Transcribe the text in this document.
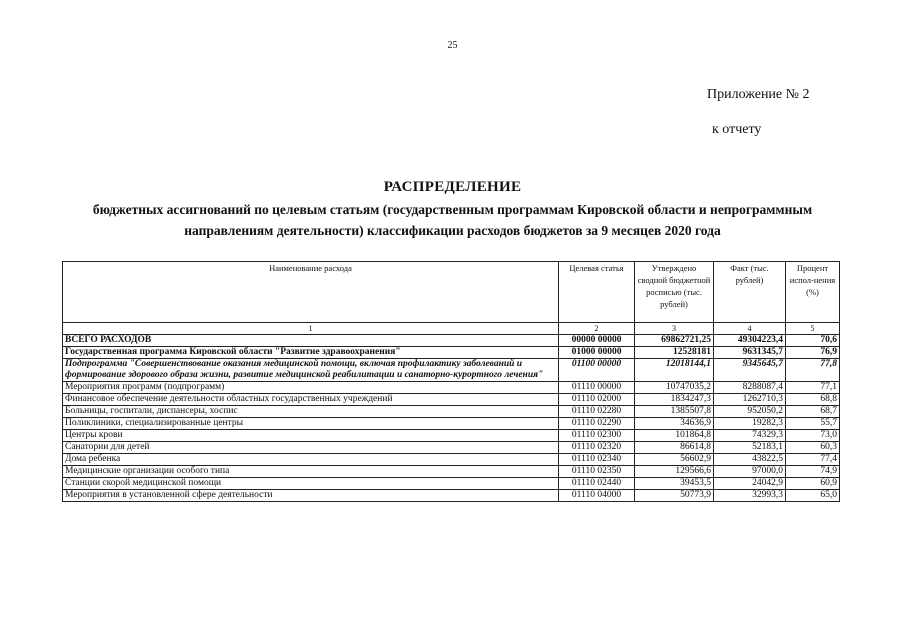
25
Приложение № 2
к отчету
РАСПРЕДЕЛЕНИЕ
бюджетных ассигнований по целевым статьям (государственным программам Кировской области и непрограммным направлениям деятельности) классификации расходов бюджетов за 9 месяцев 2020 года
Наименование расхода	Целевая статья	Утверждено сводной бюджетной росписью (тыс. рублей)	Факт (тыс. рублей)	Процент испол-нения (%)
1	2	3	4	5
ВСЕГО РАСХОДОВ	00000 00000	69862721,25	49304223,4	70,6
Государственная программа Кировской области "Развитие здравоохранения"	01000 00000	12528181	9631345,7	76,9
Подпрограмма "Совершенствование оказания медицинской помощи, включая профилактику заболеваний и формирование здорового образа жизни, развитие медицинской реабилитации и санаторно-курортного лечения"	01100 00000	12018144,1	9345645,7	77,8
Мероприятия программ (подпрограмм)	01110 00000	10747035,2	8288087,4	77,1
Финансовое обеспечение деятельности областных государственных учреждений	01110 02000	1834247,3	1262710,3	68,8
Больницы, госпитали, диспансеры, хоспис	01110 02280	1385507,8	952050,2	68,7
Поликлиники, специализированные центры	01110 02290	34636,9	19282,3	55,7
Центры крови	01110 02300	101864,8	74329,3	73,0
Санатории для детей	01110 02320	86614,8	52183,1	60,3
Дома ребенка	01110 02340	56602,9	43822,5	77,4
Медицинские организации особого типа	01110 02350	129566,6	97000,0	74,9
Станции скорой медицинской помощи	01110 02440	39453,5	24042,9	60,9
Мероприятия в установленной сфере деятельности	01110 04000	50773,9	32993,3	65,0
